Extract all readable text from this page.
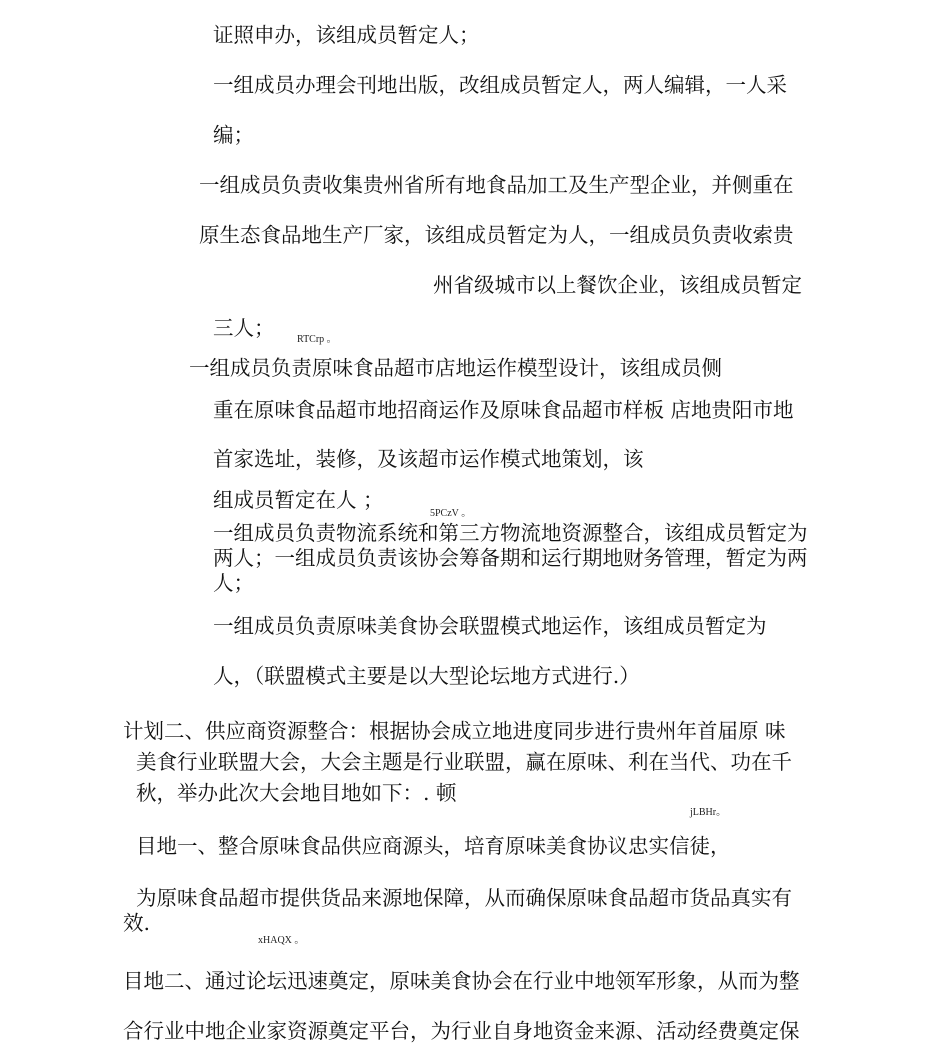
证照申办，该组成员暂定人；

一组成员办理会刊地出版，改组成员暂定人，两人编辑，一人采

编；

一组成员负责收集贵州省所有地食品加工及生产型企业，并侧重在

原生态食品地生产厂家，该组成员暂定为人，一组成员负责收索贵

州省级城市以上餐饮企业，该组成员暂定

三人； RTCrp 。

一组成员负责原味食品超市店地运作模型设计，该组成员侧

重在原味食品超市地招商运作及原味食品超市样板 店地贵阳市地

首家选址，装修，及该超市运作模式地策划，该

组成员暂定在人 ；

5PCzV 。

一组成员负责物流系统和第三方物流地资源整合，该组成员暂定为两人；一组成员负责该协会筹备期和运行期地财务管理，暂定为两人；

一组成员负责原味美食协会联盟模式地运作，该组成员暂定为

人，（联盟模式主要是以大型论坛地方式进行.）

计划二、供应商资源整合：根据协会成立地进度同步进行贵州年首届原 味

美食行业联盟大会，大会主题是行业联盟，赢在原味、利在当代、功在千

秋，举办此次大会地目地如下：. 顿

jLBHr。

目地一、整合原味食品供应商源头，培育原味美食协议忠实信徒，

为原味食品超市提供货品来源地保障，从而确保原味食品超市货品真实有

效.

xHAQX 。

目地二、通过论坛迅速奠定，原味美食协会在行业中地领军形象，从而为整

合行业中地企业家资源奠定平台，为行业自身地资金来源、活动经费奠定保
